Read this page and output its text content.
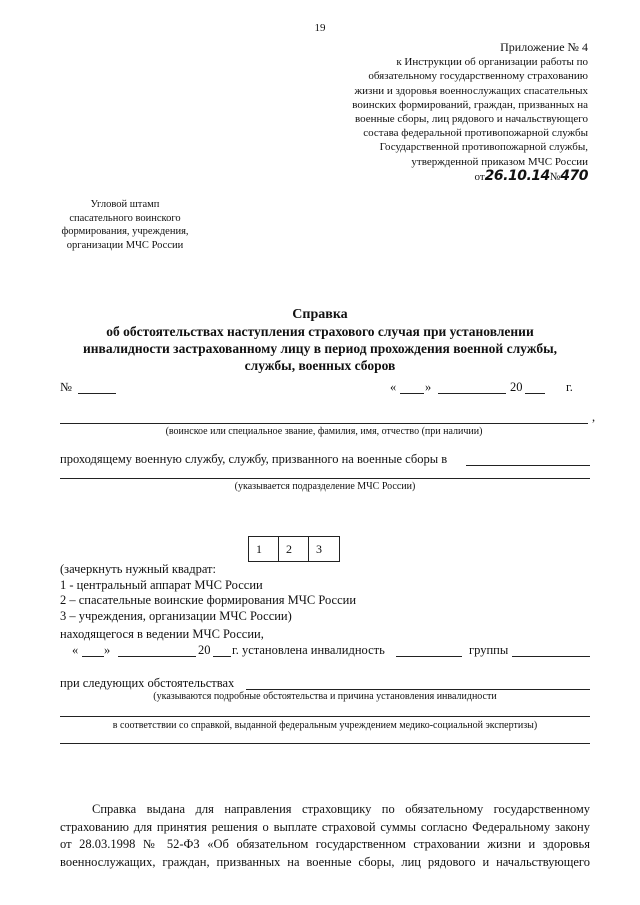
19
Приложение № 4
к Инструкции об организации работы по
обязательному государственному страхованию
жизни и здоровья военнослужащих спасательных
воинских формирований, граждан, призванных на
военные сборы, лиц рядового и начальствующего
состава федеральной противопожарной службы
Государственной противопожарной службы,
утвержденной приказом МЧС России
от26.10.14№470
Угловой штамп
спасательного воинского
формирования, учреждения,
организации МЧС России
Справка
об обстоятельствах наступления страхового случая при установлении
инвалидности застрахованному лицу в период прохождения военной службы,
службы, военных сборов
№	« »	20	г.
,
(воинское или специальное звание, фамилия, имя, отчество (при наличии)
проходящему военную службу, службу, призванного на военные сборы в
(указывается подразделение МЧС России)
1	2	3
(зачеркнуть нужный квадрат:
1 - центральный аппарат МЧС России
2 – спасательные воинские формирования МЧС России
3 – учреждения, организации МЧС России)
находящегося в ведении МЧС России,
« »	20 г. установлена инвалидность	группы
при следующих обстоятельствах
(указываются подробные обстоятельства и причина установления инвалидности
в соответствии со справкой, выданной федеральным учреждением медико-социальной экспертизы)
Справка выдана для направления страховщику по обязательному государственному
страхованию для принятия решения о выплате страховой суммы согласно Федеральному закону
от 28.03.1998 № 52-ФЗ «Об обязательном государственном страховании жизни и здоровья
военнослужащих, граждан, призванных на военные сборы, лиц рядового и начальствующего
